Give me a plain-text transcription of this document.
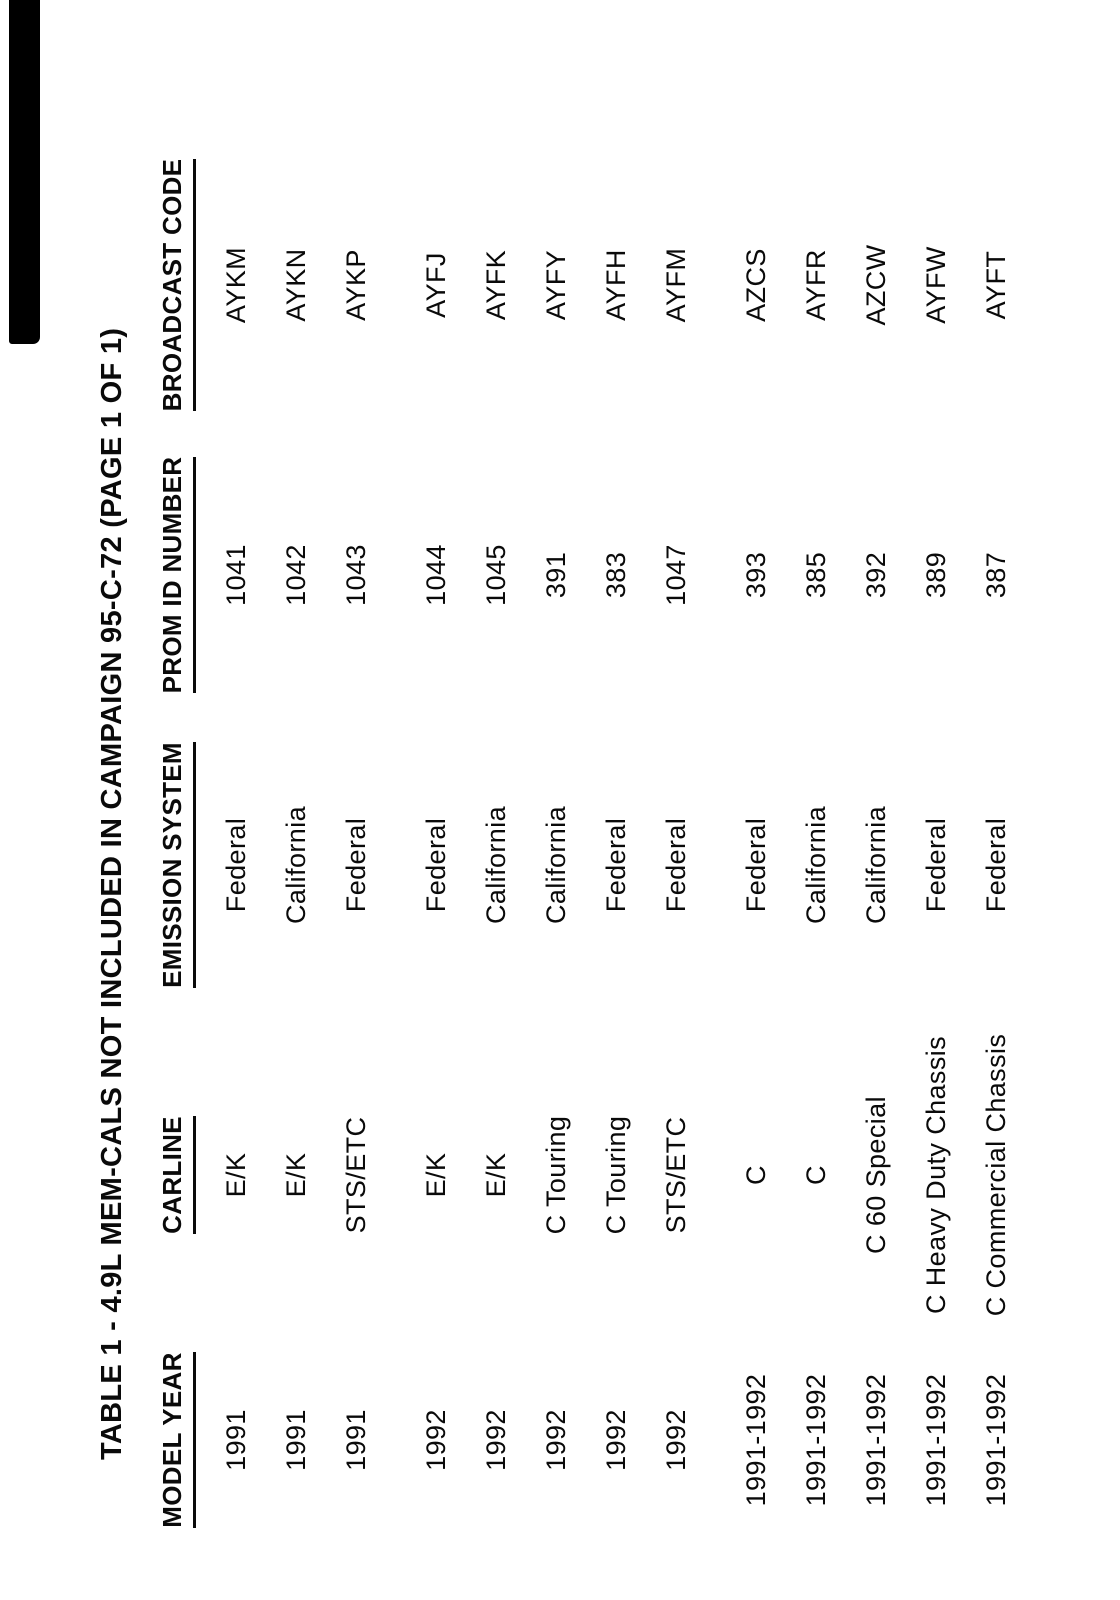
TABLE 1 - 4.9L MEM-CALS NOT INCLUDED IN CAMPAIGN 95-C-72 (PAGE 1 OF 1) MODEL YEAR
CARLINE
EMISSION SYSTEM
PROM ID NUMBER
BROADCAST CODE
1991
E/K
Federal
1041
AYKM
1991
E/K
California
1042
AYKN
1991
STS/ETC
Federal
1043
AYKP
1992
E/K
Federal
1044
AYFJ
1992
E/K
California
1045
AYFK
1992
C Touring
California
391
AYFY
1992
C Touring
Federal
383
AYFH
1992
STS/ETC
Federal
1047
AYFM
1991-1992
C
Federal
393
AZCS
1991-1992
C
California
385
AYFR
1991-1992
C 60 Special
California
392
AZCW
1991-1992
C Heavy Duty Chassis
Federal
389
AYFW
1991-1992
C Commercial Chassis
Federal
387
AYFT
